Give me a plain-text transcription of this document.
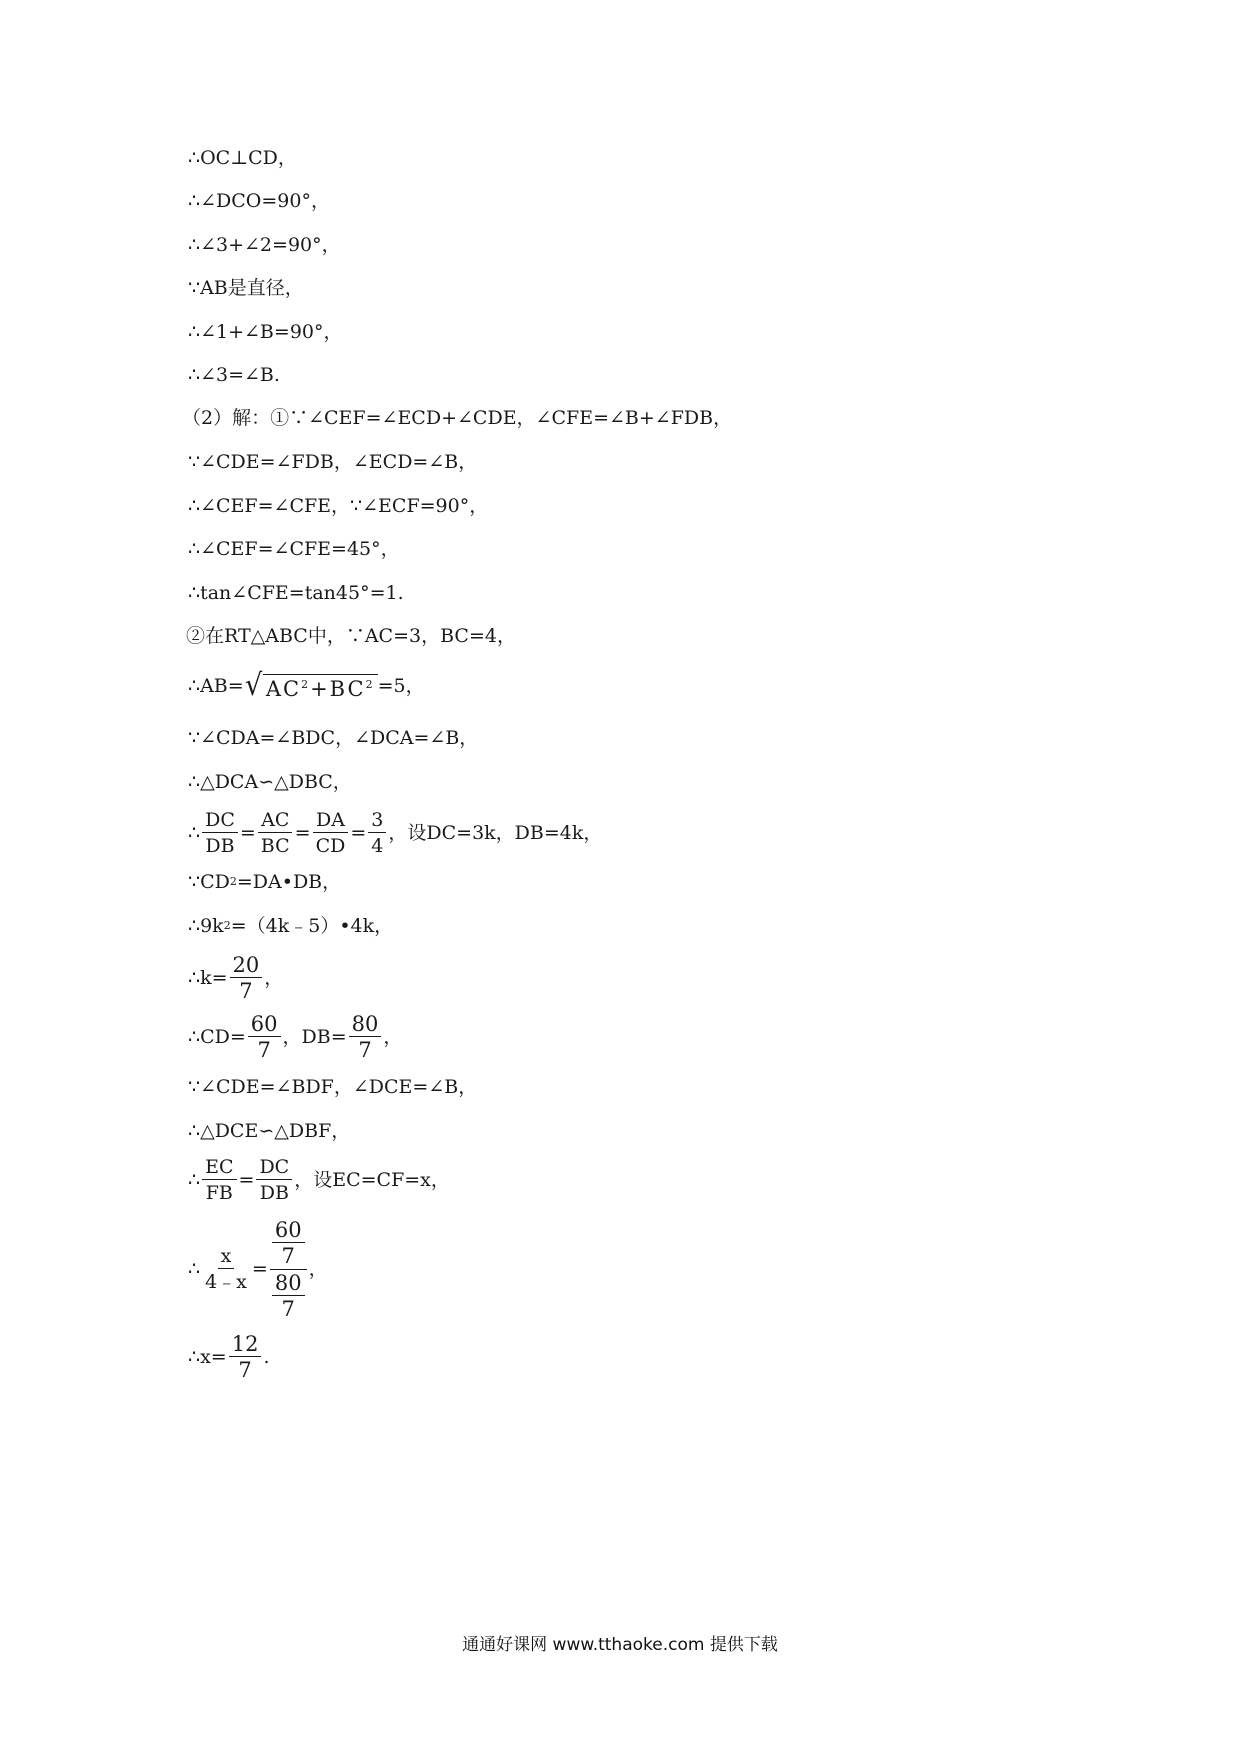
∴OC⊥CD，
∴∠DCO=90°，
∴∠3+∠2=90°，
∵AB是直径，
∴∠1+∠B=90°，
∴∠3=∠B.
（2）解：①∵∠CEF=∠ECD+∠CDE，∠CFE=∠B+∠FDB，
∵∠CDE=∠FDB，∠ECD=∠B，
∴∠CEF=∠CFE，∵∠ECF=90°，
∴∠CEF=∠CFE=45°，
∴tan∠CFE=tan45°=1.
②在RT△ABC中，∵AC=3，BC=4，
∴AB= √ $AC^2+BC^2 =5$，
∵∠CDA=∠BDC，∠DCA=∠B，
∴△DCA∽△DBC，
∴ $\frac{DC}{DB} = \frac{AC}{BC} = \frac{DA}{CD} = \frac{3}{4}$ ，设DC=3k，DB=4k，
∵CD 2 =DA•DB，
∴9k 2 =（4k﹣5）•4k，
∴k= $\frac{20}{7}$ ，
∴CD= $\frac{60}{7}$ ，$DB= \frac{80}{7}$ ，
∵∠CDE=∠BDF，∠DCE=∠B，
∴△DCE∽△DBF，
∴ $\frac{EC}{FB} = \frac{DC}{DB}$ ，设EC=CF=x，
∴ $\frac{x}{4﹣x} = \frac{\frac{60}{7}}{\frac{80}{7}}$ ，
∴x= $\frac{12}{7}$ .
通通好课网 www.tthaoke.com 提供下载
